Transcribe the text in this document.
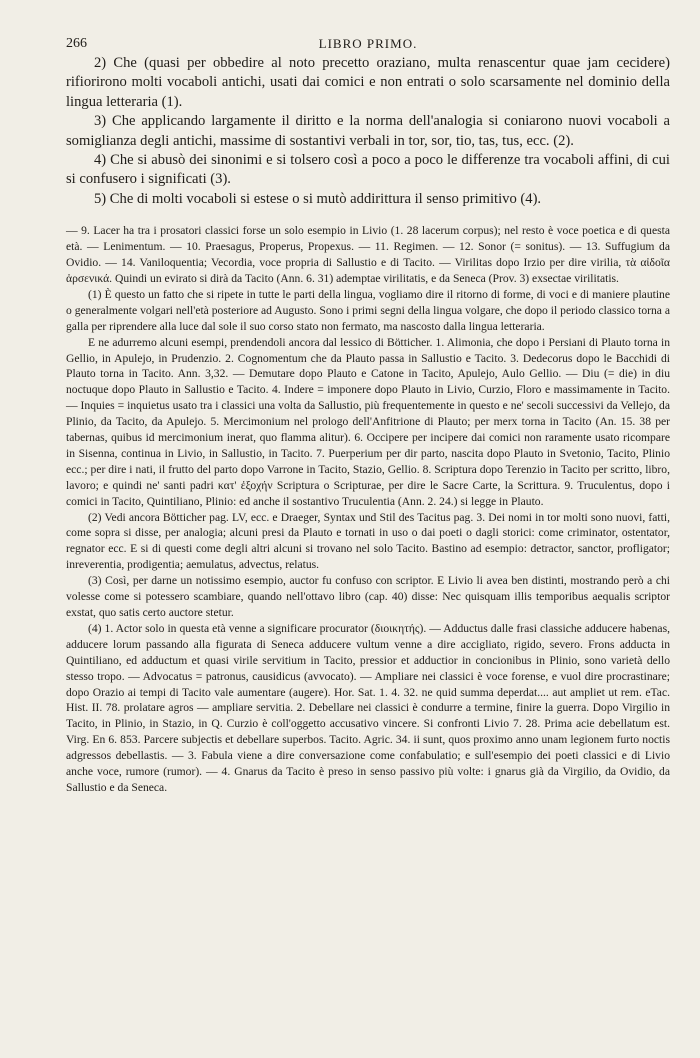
266	LIBRO PRIMO.

2) Che (quasi per obbedire al noto precetto oraziano, multa renascentur quae jam cecidere) rifiorirono molti vocaboli antichi, usati dai comici e non entrati o solo scarsamente nel dominio della lingua letteraria (1).

3) Che applicando largamente il diritto e la norma dell'analogia si coniarono nuovi vocaboli a somiglianza degli antichi, massime di sostantivi verbali in tor, sor, tio, tas, tus, ecc. (2).

4) Che si abusò dei sinonimi e si tolsero così a poco a poco le differenze tra vocaboli affini, di cui si confusero i significati (3).

5) Che di molti vocaboli si estese o si mutò addirittura il senso primitivo (4).

— 9. Lacer ha tra i prosatori classici forse un solo esempio in Livio (1. 28 lacerum corpus); nel resto è voce poetica e di questa età. — Lenimentum. — 10. Praesagus, Properus, Propexus. — 11. Regimen. — 12. Sonor (= sonitus). — 13. Suffugium da Ovidio. — 14. Vaniloquentia; Vecordia, voce propria di Sallustio e di Tacito. — Virilitas dopo Irzio per dire virilia, τὰ αἰδοῖα ἀρσενικά. Quindi un evirato si dirà da Tacito (Ann. 6. 31) ademptae virilitatis, e da Seneca (Prov. 3) exsectae virilitatis.

(1) È questo un fatto che si ripete in tutte le parti della lingua, vogliamo dire il ritorno di forme, di voci e di maniere plautine o generalmente volgari nell'età posteriore ad Augusto. Sono i primi segni della lingua volgare, che dopo il periodo classico torna a galla per riprendere alla luce dal sole il suo corso stato non fermato, ma nascosto dalla lingua letteraria.

E ne adurremo alcuni esempi, prendendoli ancora dal lessico di Bötticher. 1. Alimonia, che dopo i Persiani di Plauto torna in Gellio, in Apulejo, in Prudenzio. 2. Cognomentum che da Plauto passa in Sallustio e Tacito. 3. Dedecorus dopo le Bacchidi di Plauto torna in Tacito. Ann. 3,32. — Demutare dopo Plauto e Catone in Tacito, Apulejo, Aulo Gellio. — Diu (= die) in diu noctuque dopo Plauto in Sallustio e Tacito. 4. Indere = imponere dopo Plauto in Livio, Curzio, Floro e massimamente in Tacito. — Inquies = inquietus usato tra i classici una volta da Sallustio, più frequentemente in questo e ne' secoli successivi da Vellejo, da Plinio, da Tacito, da Apulejo. 5. Mercimonium nel prologo dell'Anfitrione di Plauto; per merx torna in Tacito (An. 15. 38 per tabernas, quibus id mercimonium inerat, quo flamma alitur). 6. Occipere per incipere dai comici non raramente usato ricompare in Sisenna, continua in Livio, in Sallustio, in Tacito. 7. Puerperium per dir parto, nascita dopo Plauto in Svetonio, Tacito, Plinio ecc.; per dire i nati, il frutto del parto dopo Varrone in Tacito, Stazio, Gellio. 8. Scriptura dopo Terenzio in Tacito per scritto, libro, lavoro; e quindi ne' santi padri κατ' ἐξοχήν Scriptura o Scripturae, per dire le Sacre Carte, la Scrittura. 9. Truculentus, dopo i comici in Tacito, Quintiliano, Plinio: ed anche il sostantivo Truculentia (Ann. 2. 24.) si legge in Plauto.

(2) Vedi ancora Bötticher pag. LV, ecc. e Draeger, Syntax und Stil des Tacitus pag. 3. Dei nomi in tor molti sono nuovi, fatti, come sopra si disse, per analogia; alcuni presi da Plauto e tornati in uso o dai poeti o dagli storici: come criminator, ostentator, regnator ecc. E si di questi come degli altri alcuni si trovano nel solo Tacito. Bastino ad esempio: detractor, sanctor, profligator; inreverentia, prodigentia; aemulatus, advectus, relatus.

(3) Così, per darne un notissimo esempio, auctor fu confuso con scriptor. E Livio li avea ben distinti, mostrando però a chi volesse come si potessero scambiare, quando nell'ottavo libro (cap. 40) disse: Nec quisquam illis temporibus aequalis scriptor exstat, quo satis certo auctore stetur.

(4) 1. Actor solo in questa età venne a significare procurator (διοικητής). — Adductus dalle frasi classiche adducere habenas, adducere lorum passando alla figurata di Seneca adducere vultum venne a dire accigliato, rigido, severo. Frons adducta in Quintiliano, ed adductum et quasi virile servitium in Tacito, pressior et adductior in concionibus in Plinio, sono varietà dello stesso tropo. — Advocatus = patronus, causidicus (avvocato). — Ampliare nei classici è voce forense, e vuol dire procrastinare; dopo Orazio ai tempi di Tacito vale aumentare (augere). Hor. Sat. 1. 4. 32. ne quid summa deperdat.... aut ampliet ut rem. eTac. Hist. II. 78. prolatare agros — ampliare servitia. 2. Debellare nei classici è condurre a termine, finire la guerra. Dopo Virgilio in Tacito, in Plinio, in Stazio, in Q. Curzio è coll'oggetto accusativo vincere. Si confronti Livio 7. 28. Prima acie debellatum est. Virg. En 6. 853. Parcere subjectis et debellare superbos. Tacito. Agric. 34. ii sunt, quos proximo anno unam legionem furto noctis adgressos debellastis. — 3. Fabula viene a dire conversazione come confabulatio; e sull'esempio dei poeti classici e di Livio anche voce, rumore (rumor). — 4. Gnarus da Tacito è preso in senso passivo più volte: i gnarus già da Virgilio, da Ovidio, da Sallustio e da Seneca.
